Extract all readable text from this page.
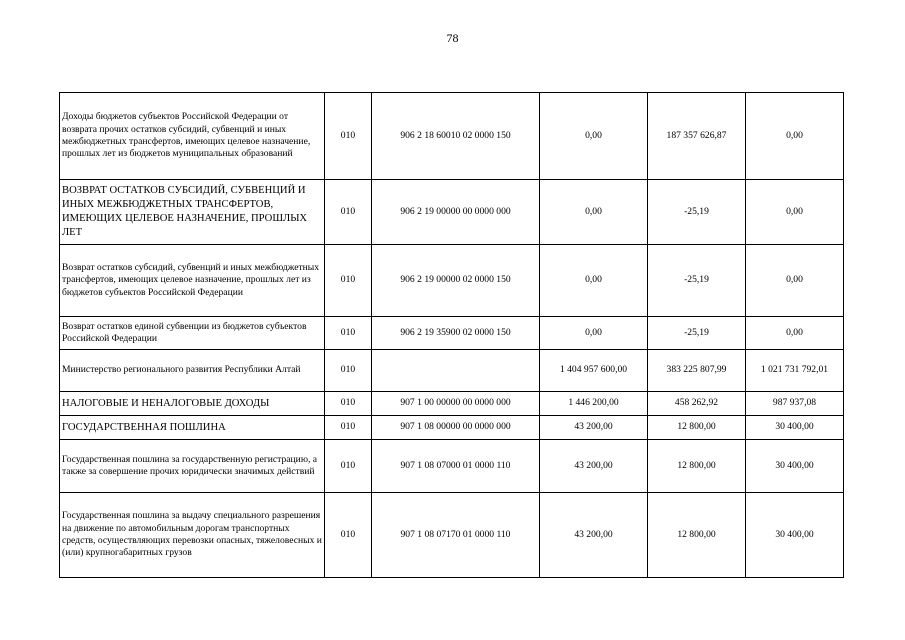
78
Доходы бюджетов субъектов Российской Федерации от возврата прочих остатков субсидий, субвенций и иных межбюджетных трансфертов, имеющих целевое назначение, прошлых лет из бюджетов муниципальных образований	010	906 2 18 60010 02 0000 150	0,00	187 357 626,87	0,00
ВОЗВРАТ ОСТАТКОВ СУБСИДИЙ, СУБВЕНЦИЙ И ИНЫХ МЕЖБЮДЖЕТНЫХ ТРАНСФЕРТОВ, ИМЕЮЩИХ ЦЕЛЕВОЕ НАЗНАЧЕНИЕ, ПРОШЛЫХ ЛЕТ	010	906 2 19 00000 00 0000 000	0,00	-25,19	0,00
Возврат остатков субсидий, субвенций и иных межбюджетных трансфертов, имеющих целевое назначение, прошлых лет из бюджетов субъектов Российской Федерации	010	906 2 19 00000 02 0000 150	0,00	-25,19	0,00
Возврат остатков единой субвенции из бюджетов субъектов Российской Федерации	010	906 2 19 35900 02 0000 150	0,00	-25,19	0,00
Министерство регионального развития Республики Алтай	010		1 404 957 600,00	383 225 807,99	1 021 731 792,01
НАЛОГОВЫЕ И НЕНАЛОГОВЫЕ ДОХОДЫ	010	907 1 00 00000 00 0000 000	1 446 200,00	458 262,92	987 937,08
ГОСУДАРСТВЕННАЯ ПОШЛИНА	010	907 1 08 00000 00 0000 000	43 200,00	12 800,00	30 400,00
Государственная пошлина за государственную регистрацию, а также за совершение прочих юридически значимых действий	010	907 1 08 07000 01 0000 110	43 200,00	12 800,00	30 400,00
Государственная пошлина за выдачу специального разрешения на движение по автомобильным дорогам транспортных средств, осуществляющих перевозки опасных, тяжеловесных и (или) крупногабаритных грузов	010	907 1 08 07170 01 0000 110	43 200,00	12 800,00	30 400,00
